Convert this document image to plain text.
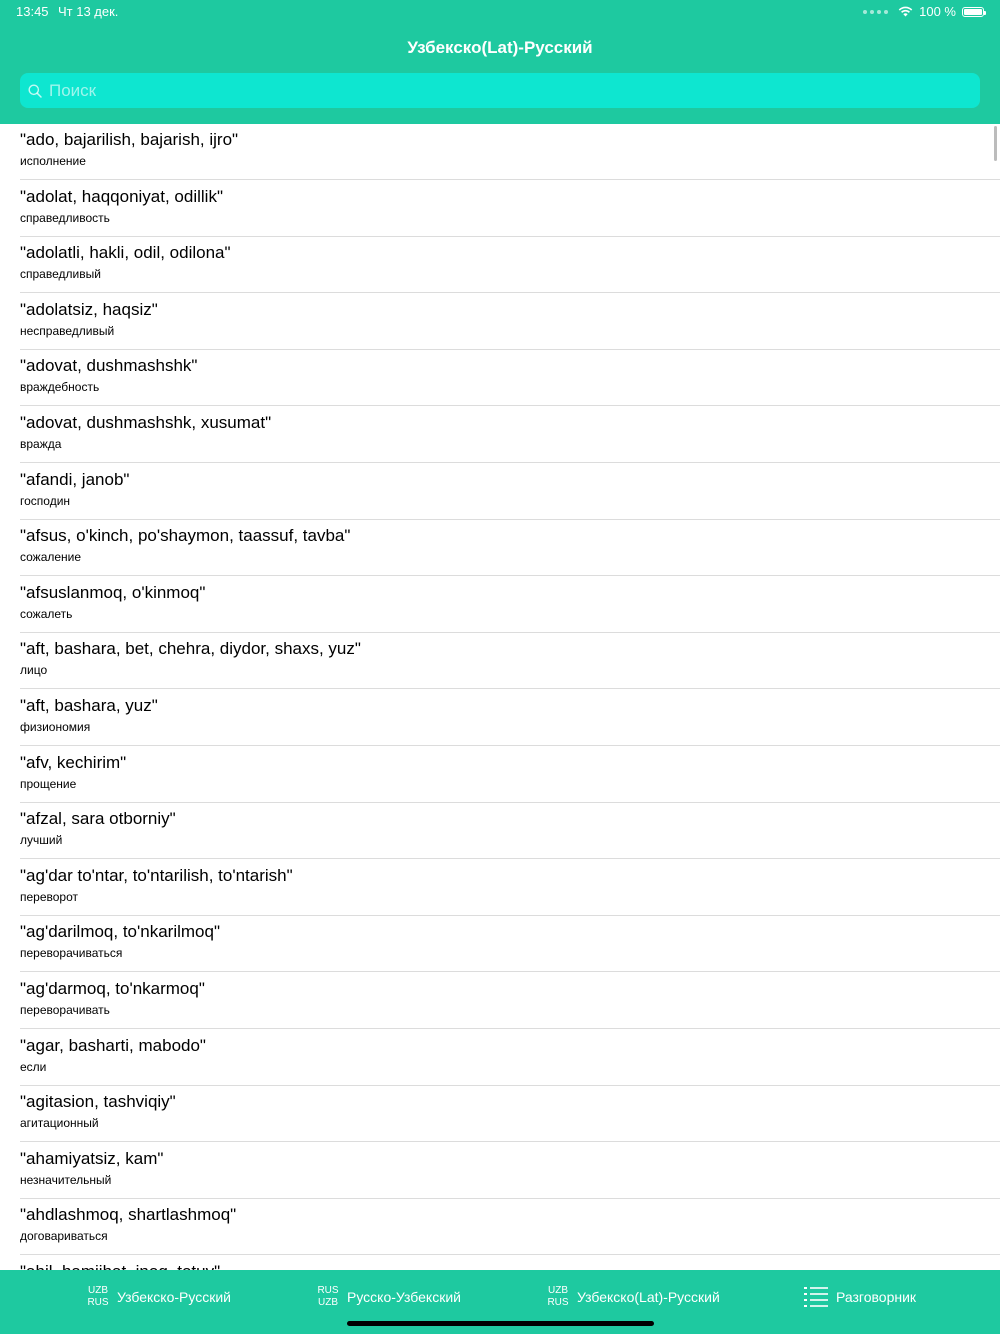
13:45 Чт 13 дек.	100 %
Узбекско(Lat)-Русский
Поиск
"ado, bajarilish, bajarish, ijro"
исполнение
"adolat, haqqoniyat, odillik"
справедливость
"adolatli, hakli, odil, odilona"
справедливый
"adolatsiz, haqsiz"
несправедливый
"adovat, dushmashshk"
враждебность
"adovat, dushmashshk, xusumat"
вражда
"afandi, janob"
господин
"afsus, o'kinch, po'shaymon, taassuf, tavba"
сожаление
"afsuslanmoq, o'kinmoq"
сожалеть
"aft, bashara, bet, chehra, diydor, shaxs, yuz"
лицо
"aft, bashara, yuz"
физиономия
"afv, kechirim"
прощение
"afzal, sara otborniy"
лучший
"ag'dar to'ntar, to'ntarilish, to'ntarish"
переворот
"ag'darilmoq, to'nkarilmoq"
переворачиваться
"ag'darmoq, to'nkarmoq"
переворачивать
"agar, basharti, mabodo"
если
"agitasion, tashviqiy"
агитационный
"ahamiyatsiz, kam"
незначительный
"ahdlashmoq, shartlashmoq"
договариваться
UZB
RUS Узбекско-Русский	RUS
UZB Русско-Узбекский	UZB
RUS Узбекско(Lat)-Русский	Разговорник
